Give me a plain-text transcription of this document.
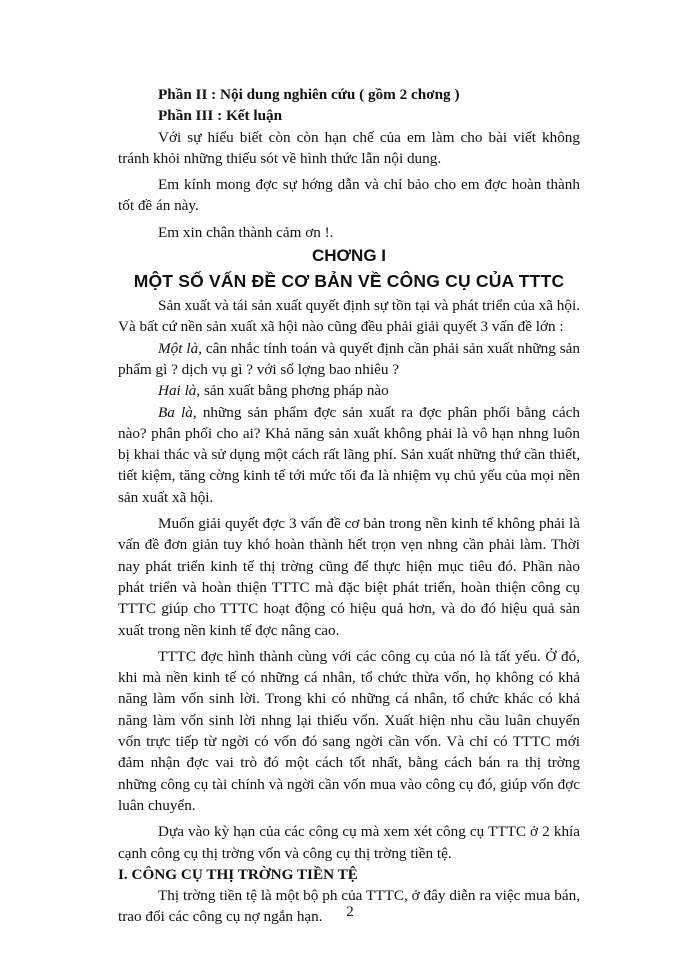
Phần II : Nội dung nghiên cứu ( gồm 2 chơng )

Phần III : Kết luận

Với sự hiểu biết còn còn hạn chế của em làm cho bài viết không tránh khỏi những thiếu sót về hình thức lẫn nội dung.

Em kính mong đợc sự hớng dẫn và chỉ bảo cho em đợc hoàn thành tốt đề án này.

Em xin chân thành cảm ơn !.

CHƠNG I

MỘT SỐ VẤN ĐỀ CƠ BẢN VỀ CÔNG CỤ CỦA TTTC

Sản xuất và tái sản xuất quyết định sự tồn tại và phát triển của xã hội. Và bất cứ nền sản xuất xã hội nào cũng đều phải giải quyết 3 vấn đề lớn :

Một là, cân nhắc tính toán và quyết định cần phải sản xuất những sản phẩm gì ? dịch vụ gì ? với số lợng bao nhiêu ?

Hai là, sản xuất bằng phơng pháp nào

Ba là, những sản phẩm đợc sản xuất ra đợc phân phối bằng cách nào? phân phối cho ai? Khả năng sản xuất không phải là vô hạn nhng luôn bị khai thác và sử dụng một cách rất lãng phí. Sản xuất những thứ cần thiết, tiết kiệm, tăng cờng kinh tế tới mức tối đa là nhiệm vụ chủ yếu của mọi nền sản xuất xã hội.

Muốn giải quyết đợc 3 vấn đề cơ bản trong nền kinh tế không phải là vấn đề đơn giản tuy khó hoàn thành hết trọn vẹn nhng cần phải làm. Thời nay phát triển kinh tế thị trờng cũng để thực hiện mục tiêu đó. Phần nào phát triển và hoàn thiện TTTC mà đặc biệt phát triển, hoàn thiện công cụ TTTC giúp cho TTTC hoạt động có hiệu quả hơn, và do đó hiệu quả sản xuất trong nền kinh tế đợc nâng cao.

TTTC đợc hình thành cùng với các công cụ của nó là tất yếu. Ở đó, khi mà nền kinh tế có những cá nhân, tổ chức thừa vốn, họ không có khả năng làm vốn sinh lời. Trong khi có những cá nhân, tổ chức khác có khả năng làm vốn sinh lời nhng lại thiếu vốn. Xuất hiện nhu cầu luân chuyển vốn trực tiếp từ ngời có vốn đó sang ngời cần vốn. Và chỉ có TTTC mới đảm nhận đợc vai trò đó một cách tốt nhất, bằng cách bán ra thị trờng những công cụ tài chính và ngời cần vốn mua vào công cụ đó, giúp vốn đợc luân chuyển.

Dựa vào kỳ hạn của các công cụ mà xem xét công cụ TTTC ở 2 khía cạnh công cụ thị trờng vốn và công cụ thị trờng tiền tệ.

I. CÔNG CỤ THỊ TRỜNG TIỀN TỆ

Thị trờng tiền tệ là một bộ ph của TTTC, ở đây diễn ra việc mua bán, trao đổi các công cụ nợ ngắn hạn.	2
